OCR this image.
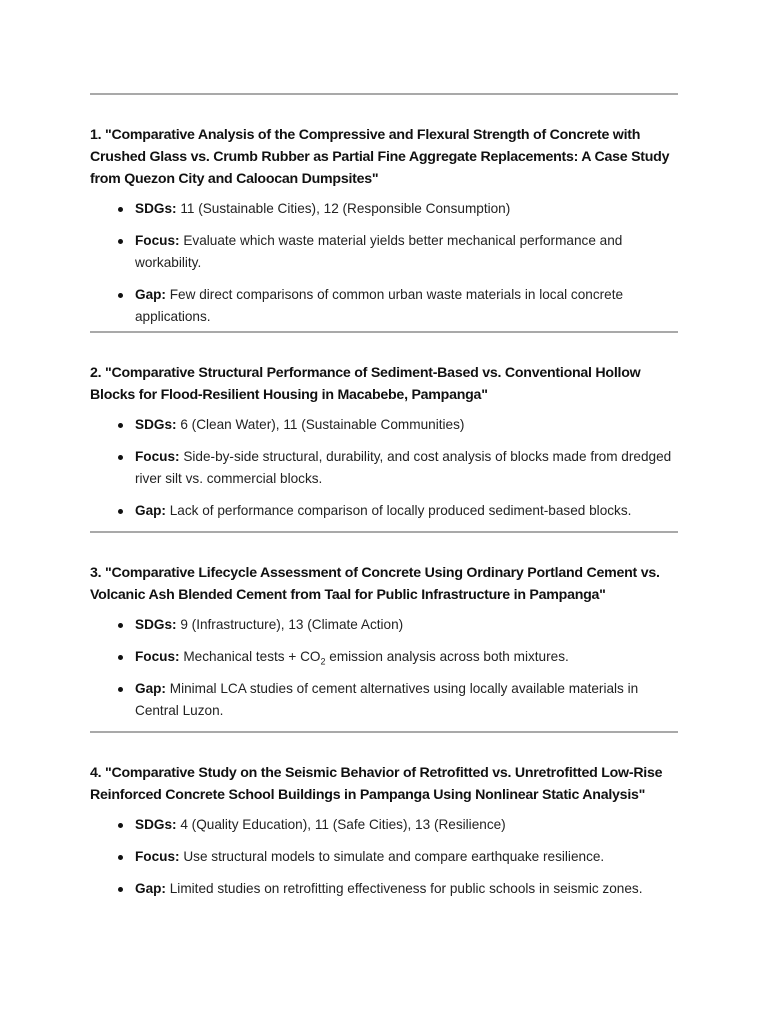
1. "Comparative Analysis of the Compressive and Flexural Strength of Concrete with Crushed Glass vs. Crumb Rubber as Partial Fine Aggregate Replacements: A Case Study from Quezon City and Caloocan Dumpsites"

SDGs: 11 (Sustainable Cities), 12 (Responsible Consumption)
Focus: Evaluate which waste material yields better mechanical performance and workability.
Gap: Few direct comparisons of common urban waste materials in local concrete applications.

2. "Comparative Structural Performance of Sediment-Based vs. Conventional Hollow Blocks for Flood-Resilient Housing in Macabebe, Pampanga"

SDGs: 6 (Clean Water), 11 (Sustainable Communities)
Focus: Side-by-side structural, durability, and cost analysis of blocks made from dredged river silt vs. commercial blocks.
Gap: Lack of performance comparison of locally produced sediment-based blocks.

3. "Comparative Lifecycle Assessment of Concrete Using Ordinary Portland Cement vs. Volcanic Ash Blended Cement from Taal for Public Infrastructure in Pampanga"

SDGs: 9 (Infrastructure), 13 (Climate Action)
Focus: Mechanical tests + $CO_2$ emission analysis across both mixtures.
Gap: Minimal LCA studies of cement alternatives using locally available materials in Central Luzon.

4. "Comparative Study on the Seismic Behavior of Retrofitted vs. Unretrofitted Low-Rise Reinforced Concrete School Buildings in Pampanga Using Nonlinear Static Analysis"

SDGs: 4 (Quality Education), 11 (Safe Cities), 13 (Resilience)
Focus: Use structural models to simulate and compare earthquake resilience.
Gap: Limited studies on retrofitting effectiveness for public schools in seismic zones.
